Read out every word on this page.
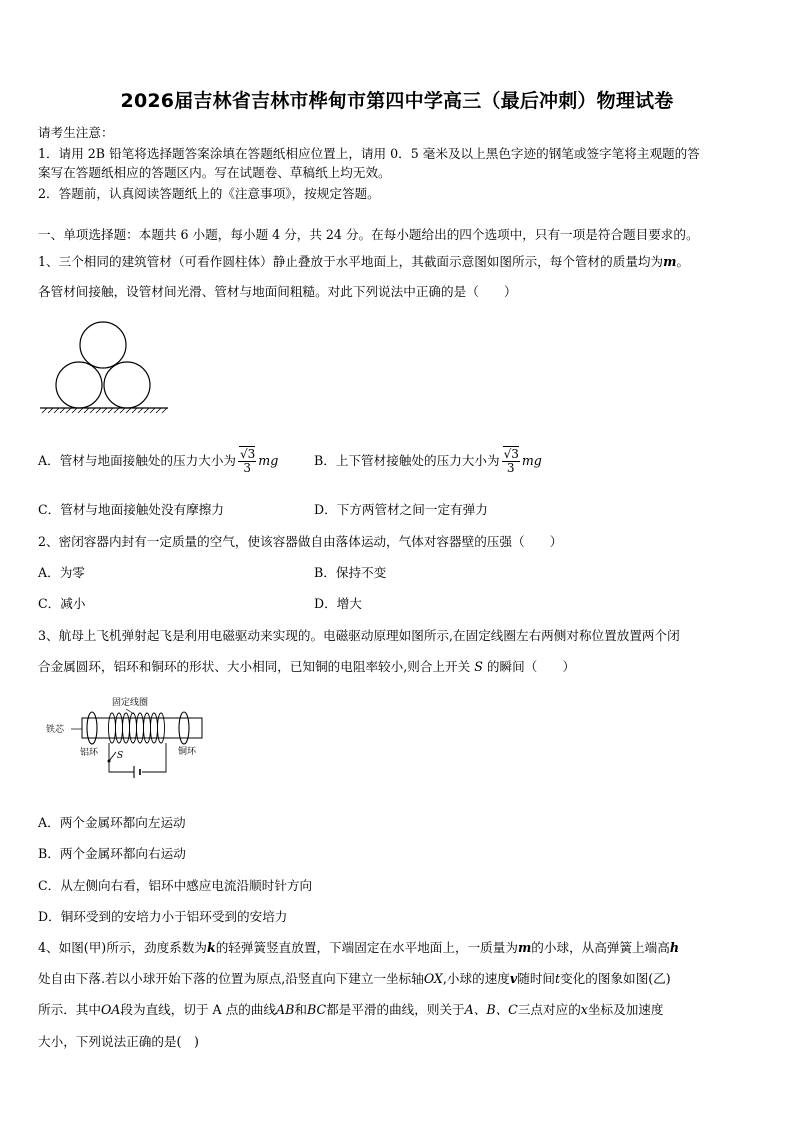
2026届吉林省吉林市桦甸市第四中学高三（最后冲刺）物理试卷
请考生注意：
1．请用 2B 铅笔将选择题答案涂填在答题纸相应位置上，请用 0．5 毫米及以上黑色字迹的钢笔或签字笔将主观题的答
案写在答题纸相应的答题区内。写在试题卷、草稿纸上均无效。
2．答题前，认真阅读答题纸上的《注意事项》，按规定答题。
一、单项选择题：本题共 6 小题，每小题 4 分，共 24 分。在每小题给出的四个选项中，只有一项是符合题目要求的。
1、三个相同的建筑管材（可看作圆柱体）静止叠放于水平地面上，其截面示意图如图所示，每个管材的质量均为m。
各管材间接触，设管材间光滑、管材与地面间粗糙。对此下列说法中正确的是（　　）
A．管材与地面接触处的压力大小为 $\frac{√3}{3}$ mg	B．上下管材接触处的压力大小为 $\frac{√3}{3}$ mg
C．管材与地面接触处没有摩擦力	D．下方两管材之间一定有弹力
2、密闭容器内封有一定质量的空气，使该容器做自由落体运动，气体对容器壁的压强（　　）
A．为零	B．保持不变
C．减小	D．增大
3、航母上飞机弹射起飞是利用电磁驱动来实现的。电磁驱动原理如图所示,在固定线圈左右两侧对称位置放置两个闭
合金属圆环，铝环和铜环的形状、大小相同，已知铜的电阻率较小,则合上开关 S 的瞬间（　　）
固定线圈
铁芯
铝环	铜环
S
A．两个金属环都向左运动
B．两个金属环都向右运动
C．从左侧向右看，铝环中感应电流沿顺时针方向
D．铜环受到的安培力小于铝环受到的安培力
4、如图(甲)所示，劲度系数为k的轻弹簧竖直放置，下端固定在水平地面上，一质量为m的小球，从高弹簧上端高h
处自由下落.若以小球开始下落的位置为原点,沿竖直向下建立一坐标轴OX,小球的速度v随时间t变化的图象如图(乙)
所示．其中OA段为直线，切于 A 点的曲线AB和BC都是平滑的曲线，则关于A、B、C三点对应的x坐标及加速度
大小，下列说法正确的是(　)
